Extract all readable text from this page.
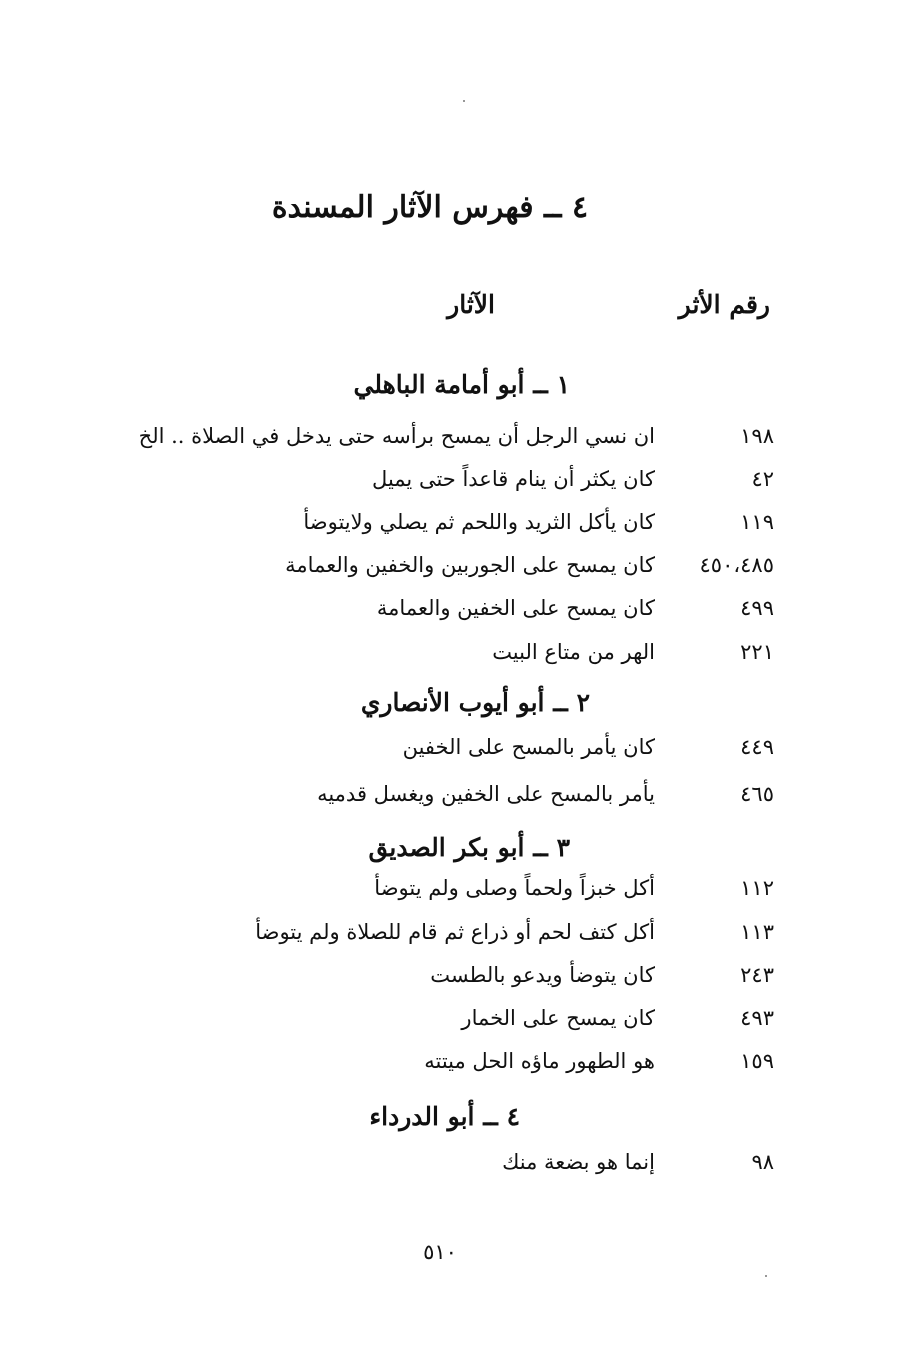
٤ ــ فهرس الآثار المسندة
رقم الأثر
الآثار
١ ــ أبو أمامة الباهلي
١٩٨
ان نسي الرجل أن يمسح برأسه حتى يدخل في الصلاة .. الخ
٤٢
كان يكثر أن ينام قاعداً حتى يميل
١١٩
كان يأكل الثريد واللحم ثم يصلي ولايتوضأ
٤٥٠،٤٨٥
كان يمسح على الجوربين والخفين والعمامة
٤٩٩
كان يمسح على الخفين والعمامة
٢٢١
الهر من متاع البيت
٢ ــ أبو أيوب الأنصاري
٤٤٩
كان يأمر بالمسح على الخفين
٤٦٥
يأمر بالمسح على الخفين ويغسل قدميه
٣ ــ أبو بكر الصديق
١١٢
أكل خبزاً ولحماً وصلى ولم يتوضأ
١١٣
أكل كتف لحم أو ذراع ثم قام للصلاة ولم يتوضأ
٢٤٣
كان يتوضأ ويدعو بالطست
٤٩٣
كان يمسح على الخمار
١٥٩
هو الطهور ماؤه الحل ميتته
٤ ــ أبو الدرداء
٩٨
إنما هو بضعة منك
٥١٠
